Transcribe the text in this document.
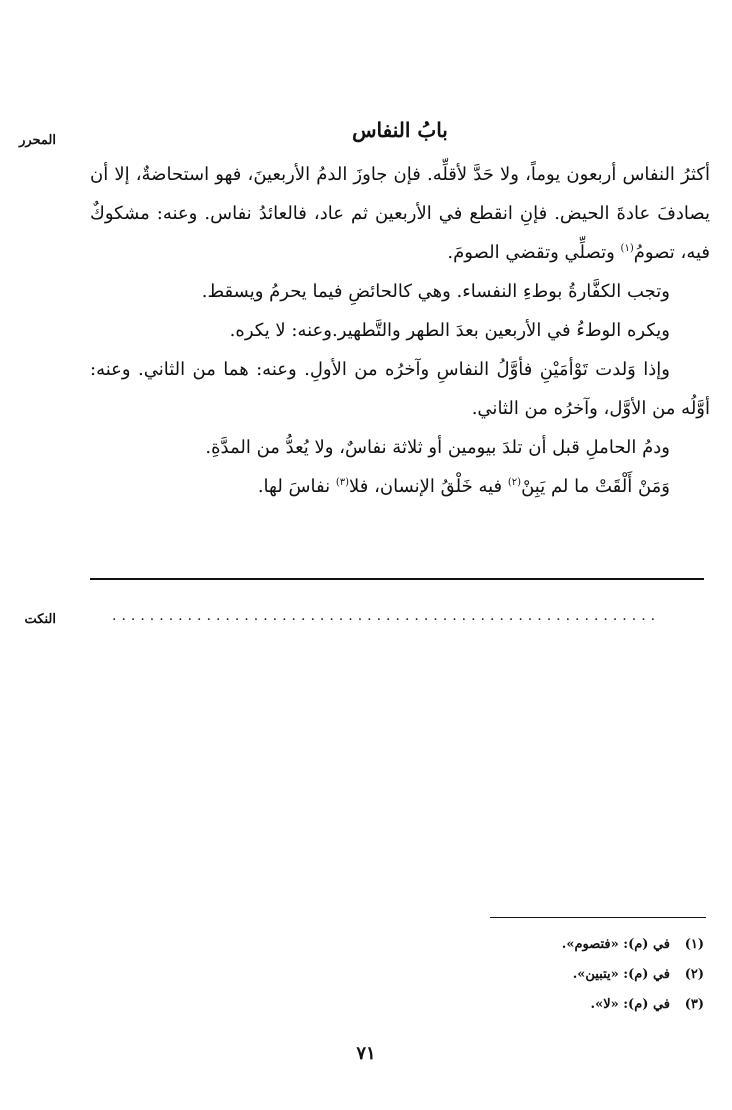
المحرر	بابُ النفاس

أكثرُ النفاس أربعون يوماً، ولا حَدَّ لأقلِّه. فإن جاوزَ الدمُ الأربعينَ، فهو استحاضةٌ، إلا أن يصادفَ عادةَ الحيض. فإنِ انقطع في الأربعين ثم عاد، فالعائدُ نفاس. وعنه: مشكوكٌ فيه، تصومُ$^{(١)}$ وتصلِّي وتقضي الصومَ.

وتجب الكفَّارةُ بوطءِ النفساء. وهي كالحائضِ فيما يحرمُ ويسقط.

ويكره الوطءُ في الأربعين بعدَ الطهر والتَّطهير.وعنه: لا يكره.

وإذا وَلدت تَوْأمَيْنِ فأوَّلُ النفاسِ وآخرُه من الأولِ. وعنه: هما من الثاني. وعنه: أوَّلُه من الأوَّل، وآخرُه من الثاني.

ودمُ الحاملِ قبل أن تلدَ بيومين أو ثلاثة نفاسٌ، ولا يُعدُّ من المدَّةِ.

وَمَنْ أَلْقَتْ ما لم يَبِنْ$^{(٢)}$ فيه خَلْقُ الإنسان، فلا$^{(٣)}$ نفاسَ لها.

النكت	..........................................................
(١)في (م): «فتصوم».
(٢)في (م): «يتبين».
(٣)في (م): «لا».
٧١
